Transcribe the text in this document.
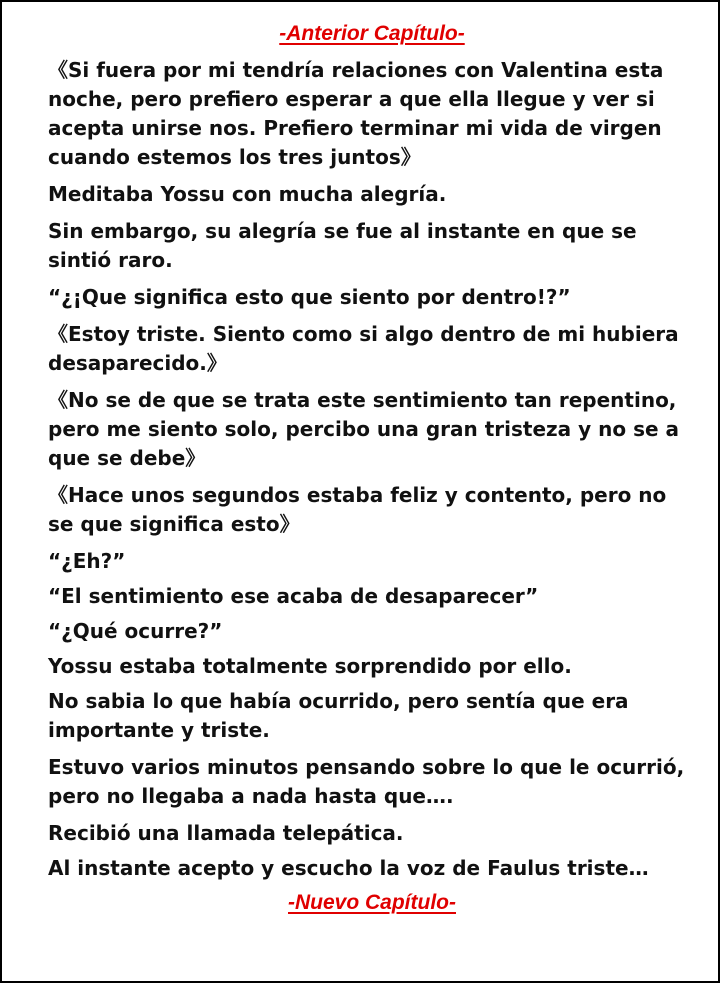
-Anterior Capítulo-

《Si fuera por mi tendría relaciones con Valentina esta noche, pero prefiero esperar a que ella llegue y ver si acepta unirse nos. Prefiero terminar mi vida de virgen cuando estemos los tres juntos》

Meditaba Yossu con mucha alegría.

Sin embargo, su alegría se fue al instante en que se sintió raro.

“¿¡Que significa esto que siento por dentro!?”

《Estoy triste. Siento como si algo dentro de mi hubiera desaparecido.》

《No se de que se trata este sentimiento tan repentino, pero me siento solo, percibo una gran tristeza y no se a que se debe》

《Hace unos segundos estaba feliz y contento, pero no se que significa esto》

“¿Eh?”

“El sentimiento ese acaba de desaparecer”

“¿Qué ocurre?”

Yossu estaba totalmente sorprendido por ello.

No sabia lo que había ocurrido, pero sentía que era importante y triste.

Estuvo varios minutos pensando sobre lo que le ocurrió, pero no llegaba a nada hasta que….

Recibió una llamada telepática.

Al instante acepto y escucho la voz de Faulus triste…

-Nuevo Capítulo-
